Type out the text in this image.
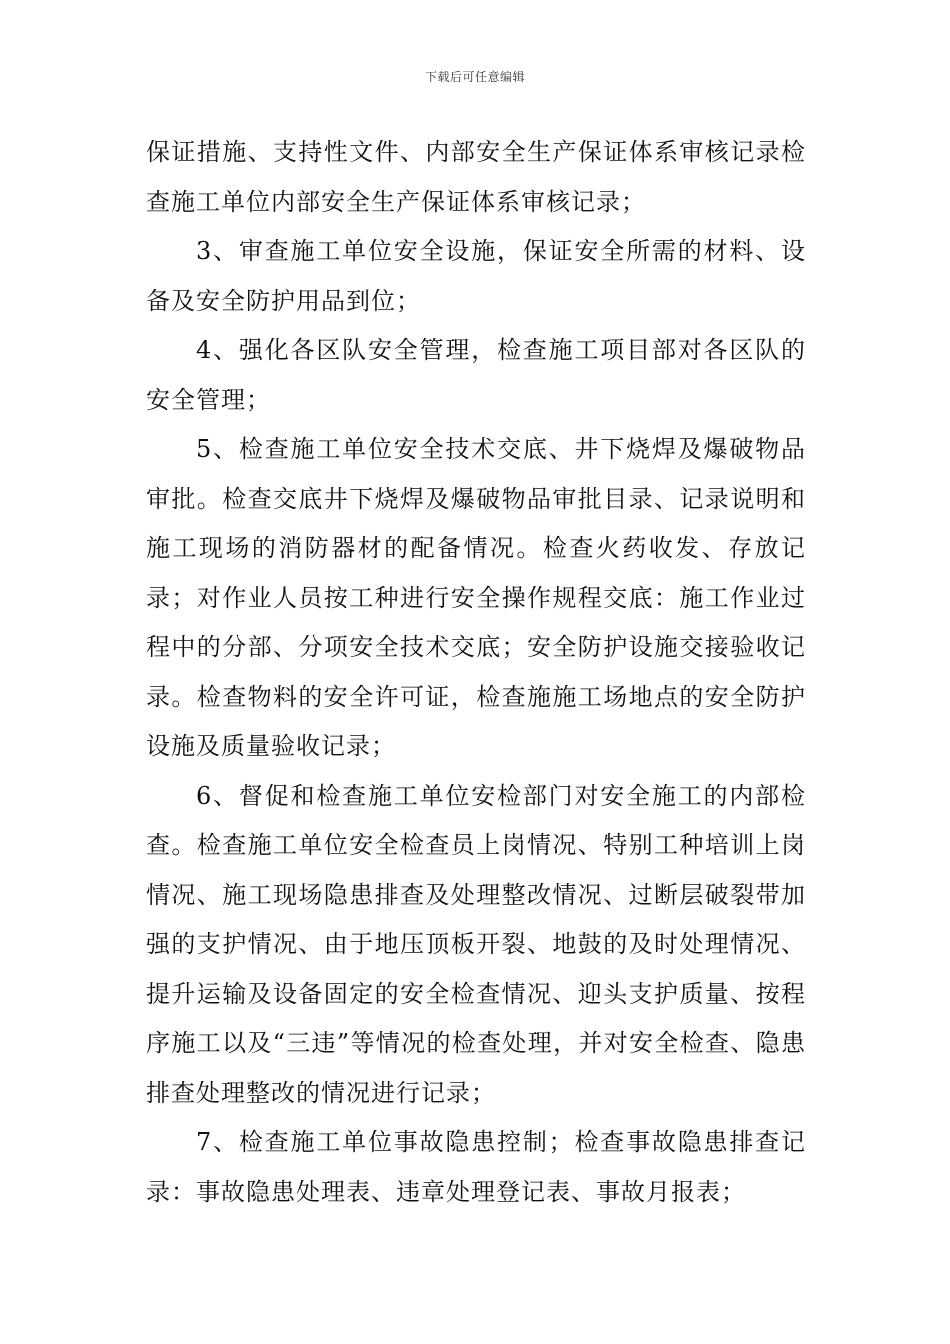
下载后可任意编辑

保证措施、支持性文件、内部安全生产保证体系审核记录检查施工单位内部安全生产保证体系审核记录；

3、审查施工单位安全设施，保证安全所需的材料、设备及安全防护用品到位；

4、强化各区队安全管理，检查施工项目部对各区队的安全管理；

5、检查施工单位安全技术交底、井下烧焊及爆破物品审批。检查交底井下烧焊及爆破物品审批目录、记录说明和施工现场的消防器材的配备情况。检查火药收发、存放记录；对作业人员按工种进行安全操作规程交底：施工作业过程中的分部、分项安全技术交底；安全防护设施交接验收记录。检查物料的安全许可证，检查施施工场地点的安全防护设施及质量验收记录；

6、督促和检查施工单位安检部门对安全施工的内部检查。检查施工单位安全检查员上岗情况、特别工种培训上岗情况、施工现场隐患排查及处理整改情况、过断层破裂带加强的支护情况、由于地压顶板开裂、地鼓的及时处理情况、提升运输及设备固定的安全检查情况、迎头支护质量、按程序施工以及“三违”等情况的检查处理，并对安全检查、隐患排查处理整改的情况进行记录；

7、检查施工单位事故隐患控制；检查事故隐患排查记录：事故隐患处理表、违章处理登记表、事故月报表；
